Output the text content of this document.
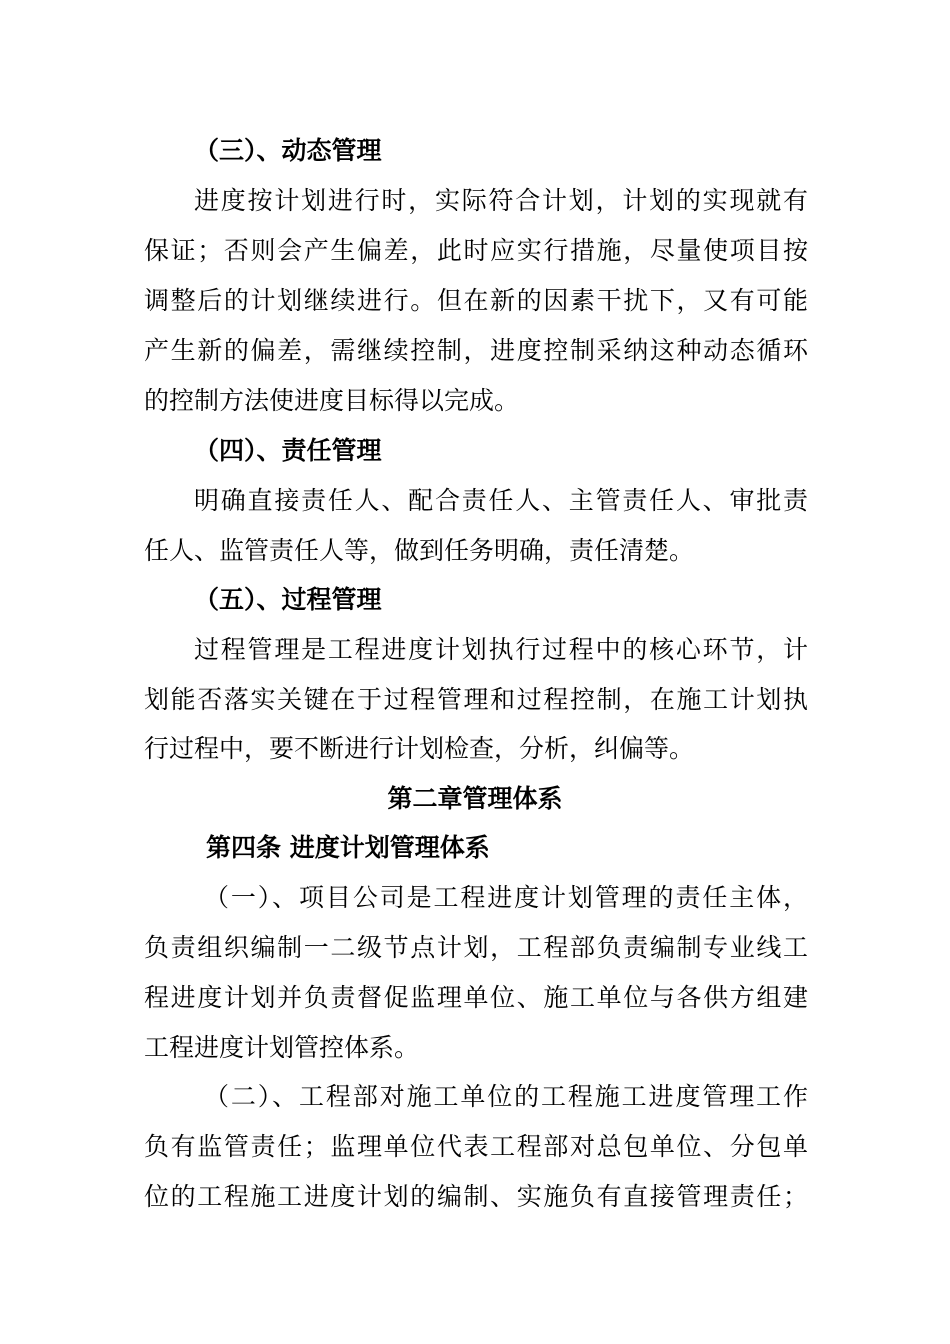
（三）、动态管理
进度按计划进行时，实际符合计划，计划的实现就有
保证；否则会产生偏差，此时应实行措施，尽量使项目按
调整后的计划继续进行。但在新的因素干扰下，又有可能
产生新的偏差，需继续控制，进度控制采纳这种动态循环
的控制方法使进度目标得以完成。
（四）、责任管理
明确直接责任人、配合责任人、主管责任人、审批责
任人、监管责任人等，做到任务明确，责任清楚。
（五）、过程管理
过程管理是工程进度计划执行过程中的核心环节，计
划能否落实关键在于过程管理和过程控制，在施工计划执
行过程中，要不断进行计划检查，分析，纠偏等。
第二章管理体系
第四条 进度计划管理体系
（一）、项目公司是工程进度计划管理的责任主体，
负责组织编制一二级节点计划，工程部负责编制专业线工
程进度计划并负责督促监理单位、施工单位与各供方组建
工程进度计划管控体系。
（二）、工程部对施工单位的工程施工进度管理工作
负有监管责任；监理单位代表工程部对总包单位、分包单
位的工程施工进度计划的编制、实施负有直接管理责任；
